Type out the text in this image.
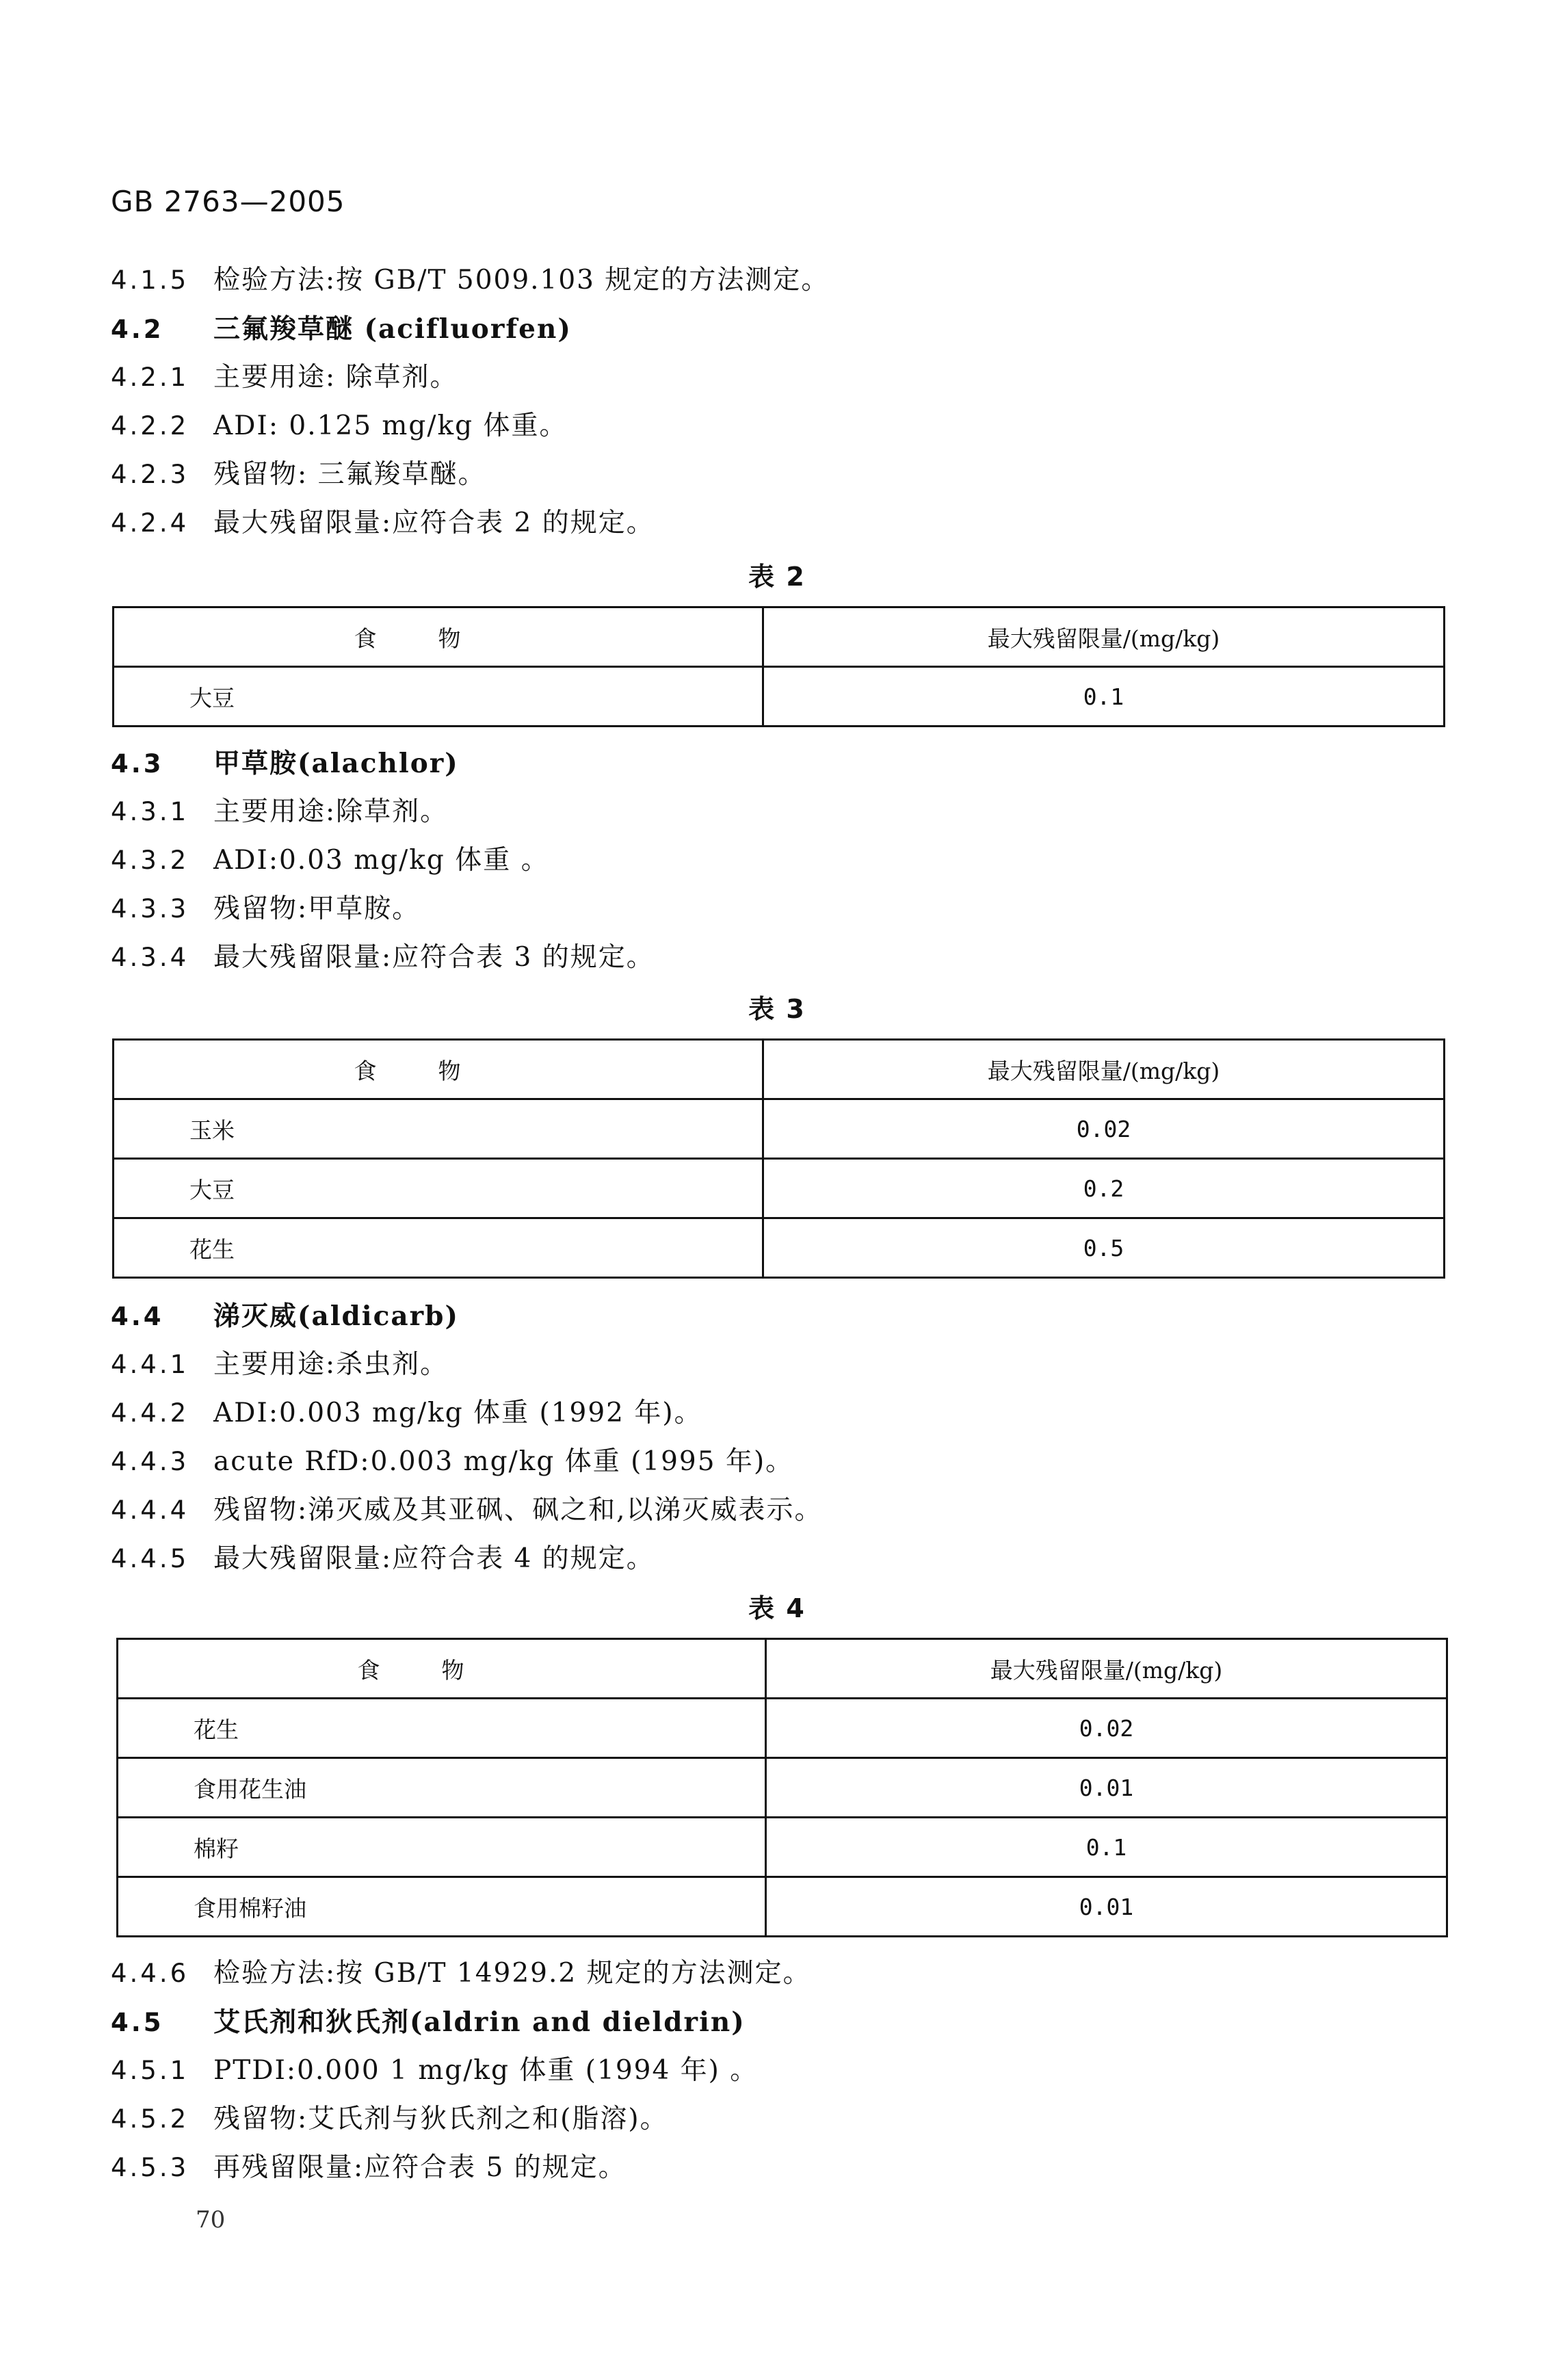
GB 2763—2005
4.1.5 检验方法:按 GB/T 5009.103 规定的方法测定。
4.2 三氟羧草醚 (acifluorfen)
4.2.1 主要用途: 除草剂。
4.2.2 ADI: 0.125 mg/kg 体重。
4.2.3 残留物: 三氟羧草醚。
4.2.4 最大残留限量:应符合表 2 的规定。
表 2
食物	最大残留限量/(mg/kg)
大豆	0.1
4.3 甲草胺(alachlor)
4.3.1 主要用途:除草剂。
4.3.2 ADI:0.03 mg/kg 体重 。
4.3.3 残留物:甲草胺。
4.3.4 最大残留限量:应符合表 3 的规定。
表 3
食物	最大残留限量/(mg/kg)
玉米	0.02
大豆	0.2
花生	0.5
4.4 涕灭威(aldicarb)
4.4.1 主要用途:杀虫剂。
4.4.2 ADI:0.003 mg/kg 体重 (1992 年)。
4.4.3 acute RfD:0.003 mg/kg 体重 (1995 年)。
4.4.4 残留物:涕灭威及其亚砜、砜之和,以涕灭威表示。
4.4.5 最大残留限量:应符合表 4 的规定。
表 4
食物	最大残留限量/(mg/kg)
花生	0.02
食用花生油	0.01
棉籽	0.1
食用棉籽油	0.01
4.4.6 检验方法:按 GB/T 14929.2 规定的方法测定。
4.5 艾氏剂和狄氏剂(aldrin and dieldrin)
4.5.1 PTDI:0.000 1 mg/kg 体重 (1994 年) 。
4.5.2 残留物:艾氏剂与狄氏剂之和(脂溶)。
4.5.3 再残留限量:应符合表 5 的规定。
70
